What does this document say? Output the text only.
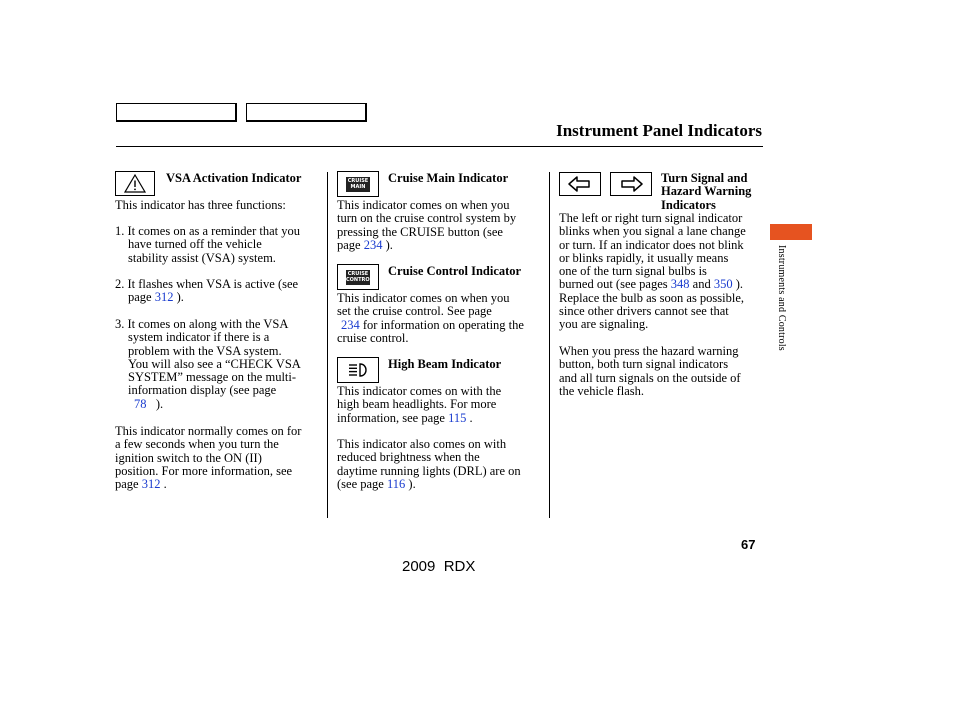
Instrument Panel Indicators
VSA Activation Indicator
This indicator has three functions:
1. It comes on as a reminder that you
have turned off the vehicle
stability assist (VSA) system.
2. It flashes when VSA is active (see
page 312 ).
3. It comes on along with the VSA
system indicator if there is a
problem with the VSA system.
You will also see a “CHECK VSA
SYSTEM” message on the multi-
information display (see page
78 ).
This indicator normally comes on for
a few seconds when you turn the
ignition switch to the ON (II)
position. For more information, see
page 312 .
CRUISE
MAIN
Cruise Main Indicator
This indicator comes on when you
turn on the cruise control system by
pressing the CRUISE button (see
page 234 ).
CRUISE
CONTROL
Cruise Control Indicator
This indicator comes on when you
set the cruise control. See page
234 for information on operating the
cruise control.
High Beam Indicator
This indicator comes on with the
high beam headlights. For more
information, see page 115 .
This indicator also comes on with
reduced brightness when the
daytime running lights (DRL) are on
(see page 116 ).
Turn Signal and
Hazard Warning
Indicators
The left or right turn signal indicator
blinks when you signal a lane change
or turn. If an indicator does not blink
or blinks rapidly, it usually means
one of the turn signal bulbs is
burned out (see pages 348 and 350 ).
Replace the bulb as soon as possible,
since other drivers cannot see that
you are signaling.
When you press the hazard warning
button, both turn signal indicators
and all turn signals on the outside of
the vehicle flash.
Instruments and Controls
67
2009  RDX
